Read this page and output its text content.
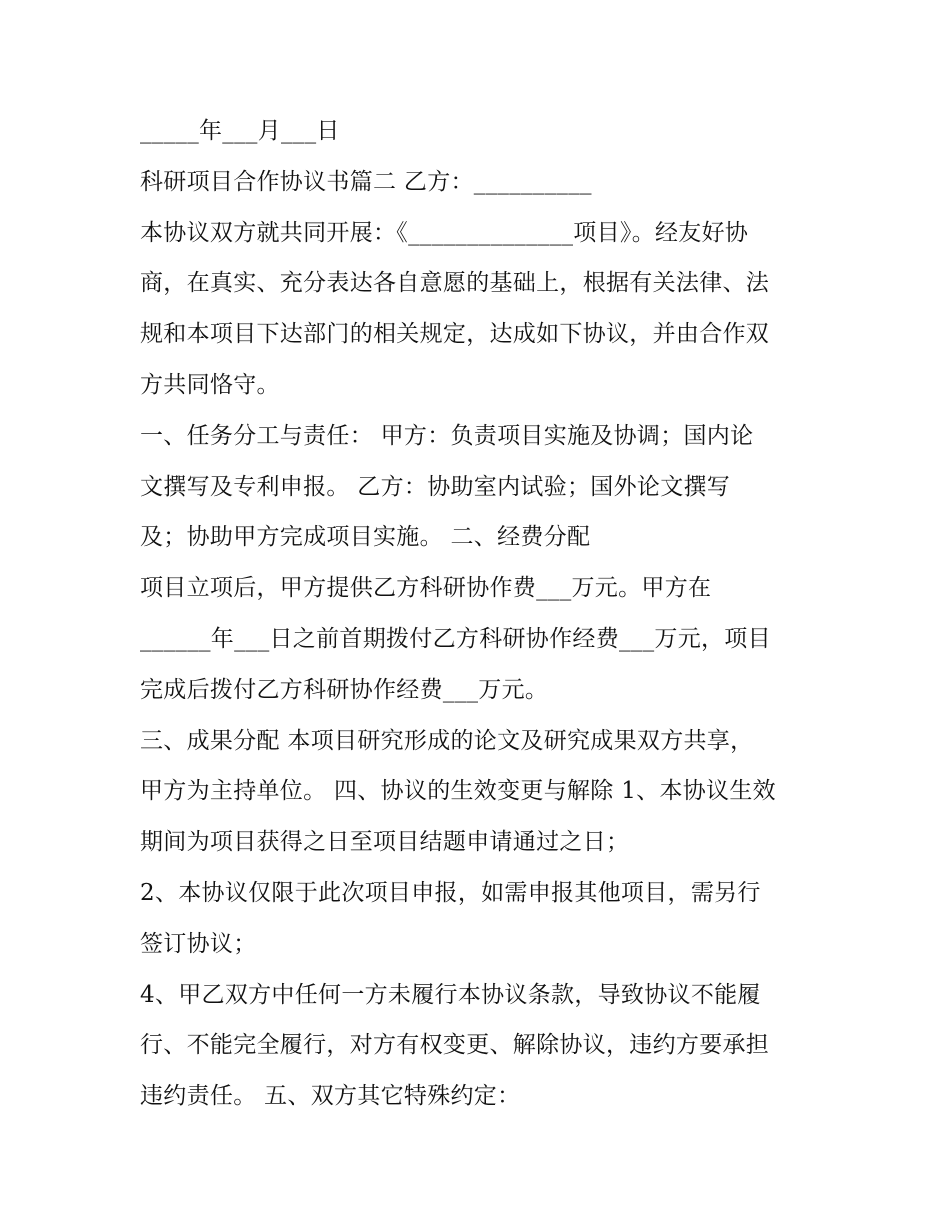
_____年___月___日
科研项目合作协议书篇二 乙方：__________
本协议双方就共同开展：《______________项目》。经友好协
商，在真实、充分表达各自意愿的基础上，根据有关法律、法
规和本项目下达部门的相关规定，达成如下协议，并由合作双
方共同恪守。
一、任务分工与责任： 甲方：负责项目实施及协调；国内论
文撰写及专利申报。 乙方：协助室内试验；国外论文撰写
及；协助甲方完成项目实施。 二、经费分配
项目立项后，甲方提供乙方科研协作费___万元。甲方在
______年___日之前首期拨付乙方科研协作经费___万元，项目
完成后拨付乙方科研协作经费___万元。
三、成果分配 本项目研究形成的论文及研究成果双方共享，
甲方为主持单位。 四、协议的生效变更与解除 1、本协议生效
期间为项目获得之日至项目结题申请通过之日；
2、本协议仅限于此次项目申报，如需申报其他项目，需另行
签订协议；
4、甲乙双方中任何一方未履行本协议条款，导致协议不能履
行、不能完全履行，对方有权变更、解除协议，违约方要承担
违约责任。 五、双方其它特殊约定：
